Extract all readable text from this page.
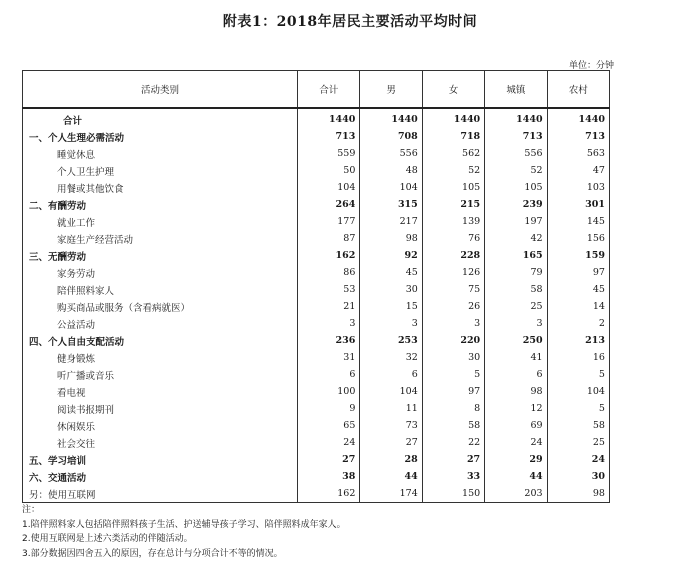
附表1：2018年居民主要活动平均时间
单位：分钟
活动类别	合计	男	女	城镇	农村
合计	1440	1440	1440	1440	1440
一、个人生理必需活动	713	708	718	713	713
睡觉休息	559	556	562	556	563
个人卫生护理	50	48	52	52	47
用餐或其他饮食	104	104	105	105	103
二、有酬劳动	264	315	215	239	301
就业工作	177	217	139	197	145
家庭生产经营活动	87	98	76	42	156
三、无酬劳动	162	92	228	165	159
家务劳动	86	45	126	79	97
陪伴照料家人	53	30	75	58	45
购买商品或服务（含看病就医）	21	15	26	25	14
公益活动	3	3	3	3	2
四、个人自由支配活动	236	253	220	250	213
健身锻炼	31	32	30	41	16
听广播或音乐	6	6	5	6	5
看电视	100	104	97	98	104
阅读书报期刊	9	11	8	12	5
休闲娱乐	65	73	58	69	58
社会交往	24	27	22	24	25
五、学习培训	27	28	27	29	24
六、交通活动	38	44	33	44	30
另：使用互联网	162	174	150	203	98
注：
1.陪伴照料家人包括陪伴照料孩子生活、护送辅导孩子学习、陪伴照料成年家人。
2.使用互联网是上述六类活动的伴随活动。
3.部分数据因四舍五入的原因，存在总计与分项合计不等的情况。
